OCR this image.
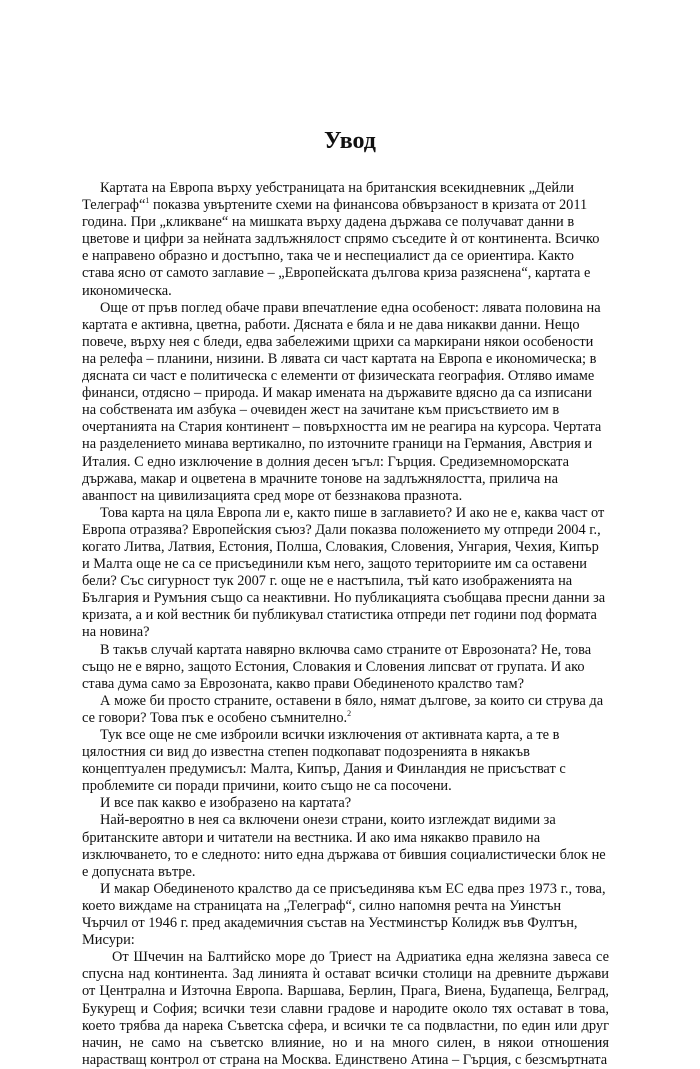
Увод

Картата на Европа върху уебстраницата на британския всекидневник „Дейли Телеграф“$^1$ показва увъртените схеми на финансова обвързаност в кризата от 2011 година. При „кликване“ на мишката върху дадена държава се получават данни в цветове и цифри за нейната задлъжнялост спрямо съседите ѝ от континента. Всичко е направено образно и достъпно, така че и неспециалист да се ориентира. Както става ясно от самото заглавие – „Европейската дългова криза разяснена“, картата е икономическа.

Още от пръв поглед обаче прави впечатление една особеност: лявата половина на картата е активна, цветна, работи. Дясната е бяла и не дава никакви данни. Нещо повече, върху нея с бледи, едва забележими щрихи са маркирани някои особености на релефа – планини, низини. В лявата си част картата на Европа е икономическа; в дясната си част е политическа с елементи от физическата география. Отляво имаме финанси, отдясно – природа. И макар имената на държавите вдясно да са изписани на собствената им азбука – очевиден жест на зачитане към присъствието им в очертанията на Стария континент – повърхността им не реагира на курсора. Чертата на разделението минава вертикално, по източните граници на Германия, Австрия и Италия. С едно изключение в долния десен ъгъл: Гърция. Средиземноморската държава, макар и оцветена в мрачните тонове на задлъжнялостта, прилича на аванпост на цивилизацията сред море от беззнакова празнота.

Това карта на цяла Европа ли е, както пише в заглавието? И ако не е, каква част от Европа отразява? Европейския съюз? Дали показва положението му отпреди 2004 г., когато Литва, Латвия, Естония, Полша, Словакия, Словения, Унгария, Чехия, Кипър и Малта още не са се присъединили към него, защото териториите им са оставени бели? Със сигурност тук 2007 г. още не е настъпила, тъй като изображенията на България и Румъния също са неактивни. Но публикацията съобщава пресни данни за кризата, а и кой вестник би публикувал статистика отпреди пет години под формата на новина?

В такъв случай картата навярно включва само страните от Еврозоната? Не, това също не е вярно, защото Естония, Словакия и Словения липсват от групата. И ако става дума само за Еврозоната, какво прави Обединеното кралство там?

А може би просто страните, оставени в бяло, нямат дългове, за които си струва да се говори? Това пък е особено съмнително.$^2$

Тук все още не сме изброили всички изключения от активната карта, а те в цялостния си вид до известна степен подкопават подозренията в някакъв концептуален предумисъл: Малта, Кипър, Дания и Финландия не присъстват с проблемите си поради причини, които също не са посочени.

И все пак какво е изобразено на картата?

Най-вероятно в нея са включени онези страни, които изглеждат видими за британските автори и читатели на вестника. И ако има някакво правило на изключването, то е следното: нито една държава от бившия социалистически блок не е допусната вътре.

И макар Обединеното кралство да се присъединява към ЕС едва през 1973 г., това, което виждаме на страницата на „Телеграф“, силно напомня речта на Уинстън Чърчил от 1946 г. пред академичния състав на Уестминстър Колидж във Фултън, Мисури:

От Шчечин на Балтийско море до Триест на Адриатика една желязна завеса се спусна над континента. Зад линията ѝ остават всички столици на древните държави от Централна и Източна Европа. Варшава, Берлин, Прага, Виена, Будапеща, Белград, Букурещ и София; всички тези славни градове и народите около тях остават в това, което трябва да нарека Съветска сфера, и всички те са подвластни, по един или друг начин, не само на съветско влияние, но и на много силен, в някои отношения нарастващ контрол от страна на Москва. Единствено Атина – Гърция, с безсмъртната
